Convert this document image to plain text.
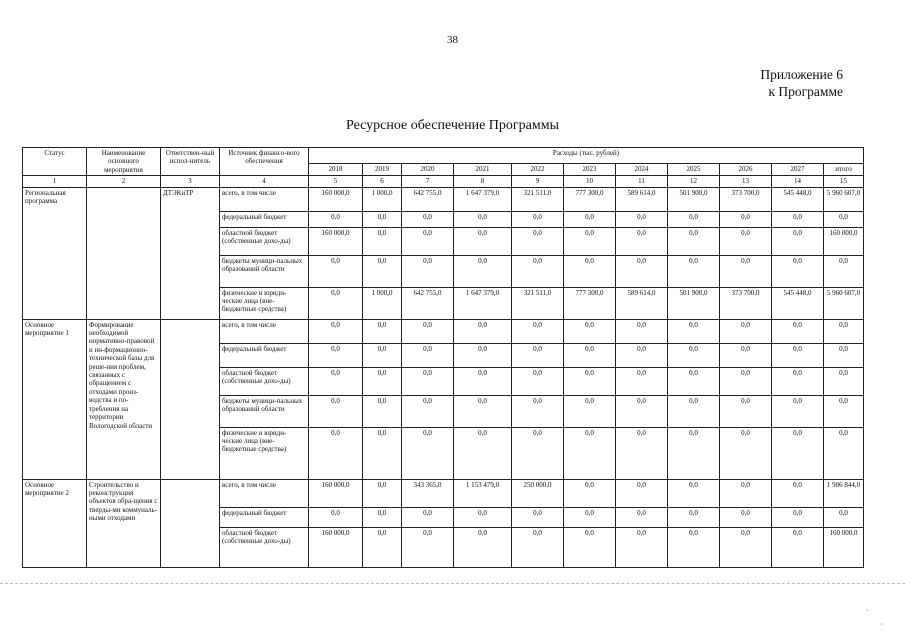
38
Приложение 6
к Программе
Ресурсное обеспечение Программы
Статус	Наименование основного мероприятия	Ответствен-ный испол-нитель	Источник финансо-вого обеспечения	Расходы (тыс. рублей)										
				2018	2019	2020	2021	2022	2023	2024	2025	2026	2027	итого
1	2	3	4	5	6	7	8	9	10	11	12	13	14	15
Региональная программа		ДТЭКиТР	всего, в том числе	160 000,0	1 000,0	642 755,0	1 647 379,0	321 511,0	777 300,0	589 614,0	501 900,0	373 700,0	545 448,0	5 960 607,0
			федеральный бюджет	0,0	0,0	0,0	0,0	0,0	0,0	0,0	0,0	0,0	0,0	0,0
			областной бюджет (собственные дохо-ды)	160 000,0	0,0	0,0	0,0	0,0	0,0	0,0	0,0	0,0	0,0	160 000,0
			бюджеты муници-пальных образований области	0,0	0,0	0,0	0,0	0,0	0,0	0,0	0,0	0,0	0,0	0,0
			физические и юриди-ческие лица (вне-бюджетные средства)	0,0	1 000,0	642 755,0	1 647 379,0	321 511,0	777 300,0	589 614,0	501 900,0	373 700,0	545 448,0	5 960 607,0
Основное мероприятие 1	Формирование необходимой нормативно-правовой и ин-формационно-технической базы для реше-ния проблем, связанных с обращением с отходами произ-водства и по-требления на территории Вологодской области		всего, в том числе	0,0	0,0	0,0	0,0	0,0	0,0	0,0	0,0	0,0	0,0	0,0
			федеральный бюджет	0,0	0,0	0,0	0,0	0,0	0,0	0,0	0,0	0,0	0,0	0,0
			областной бюджет (собственные дохо-ды)	0,0	0,0	0,0	0,0	0,0	0,0	0,0	0,0	0,0	0,0	0,0
			бюджеты муници-пальных образований области	0,0	0,0	0,0	0,0	0,0	0,0	0,0	0,0	0,0	0,0	0,0
			физические и юриди-ческие лица (вне-бюджетные средства)	0,0	0,0	0,0	0,0	0,0	0,0	0,0	0,0	0,0	0,0	0,0
Основное мероприятие 2	Строительство и реконструкция объектов обра-щения с тверды-ми коммуналь-ными отходами		всего, в том числе	160 000,0	0,0	343 365,0	1 153 479,0	250 000,0	0,0	0,0	0,0	0,0	0,0	1 906 844,0
			федеральный бюджет	0,0	0,0	0,0	0,0	0,0	0,0	0,0	0,0	0,0	0,0	0,0
			областной бюджет (собственные дохо-ды)	160 000,0	0,0	0,0	0,0	0,0	0,0	0,0	0,0	0,0	0,0	160 000,0
·
·
